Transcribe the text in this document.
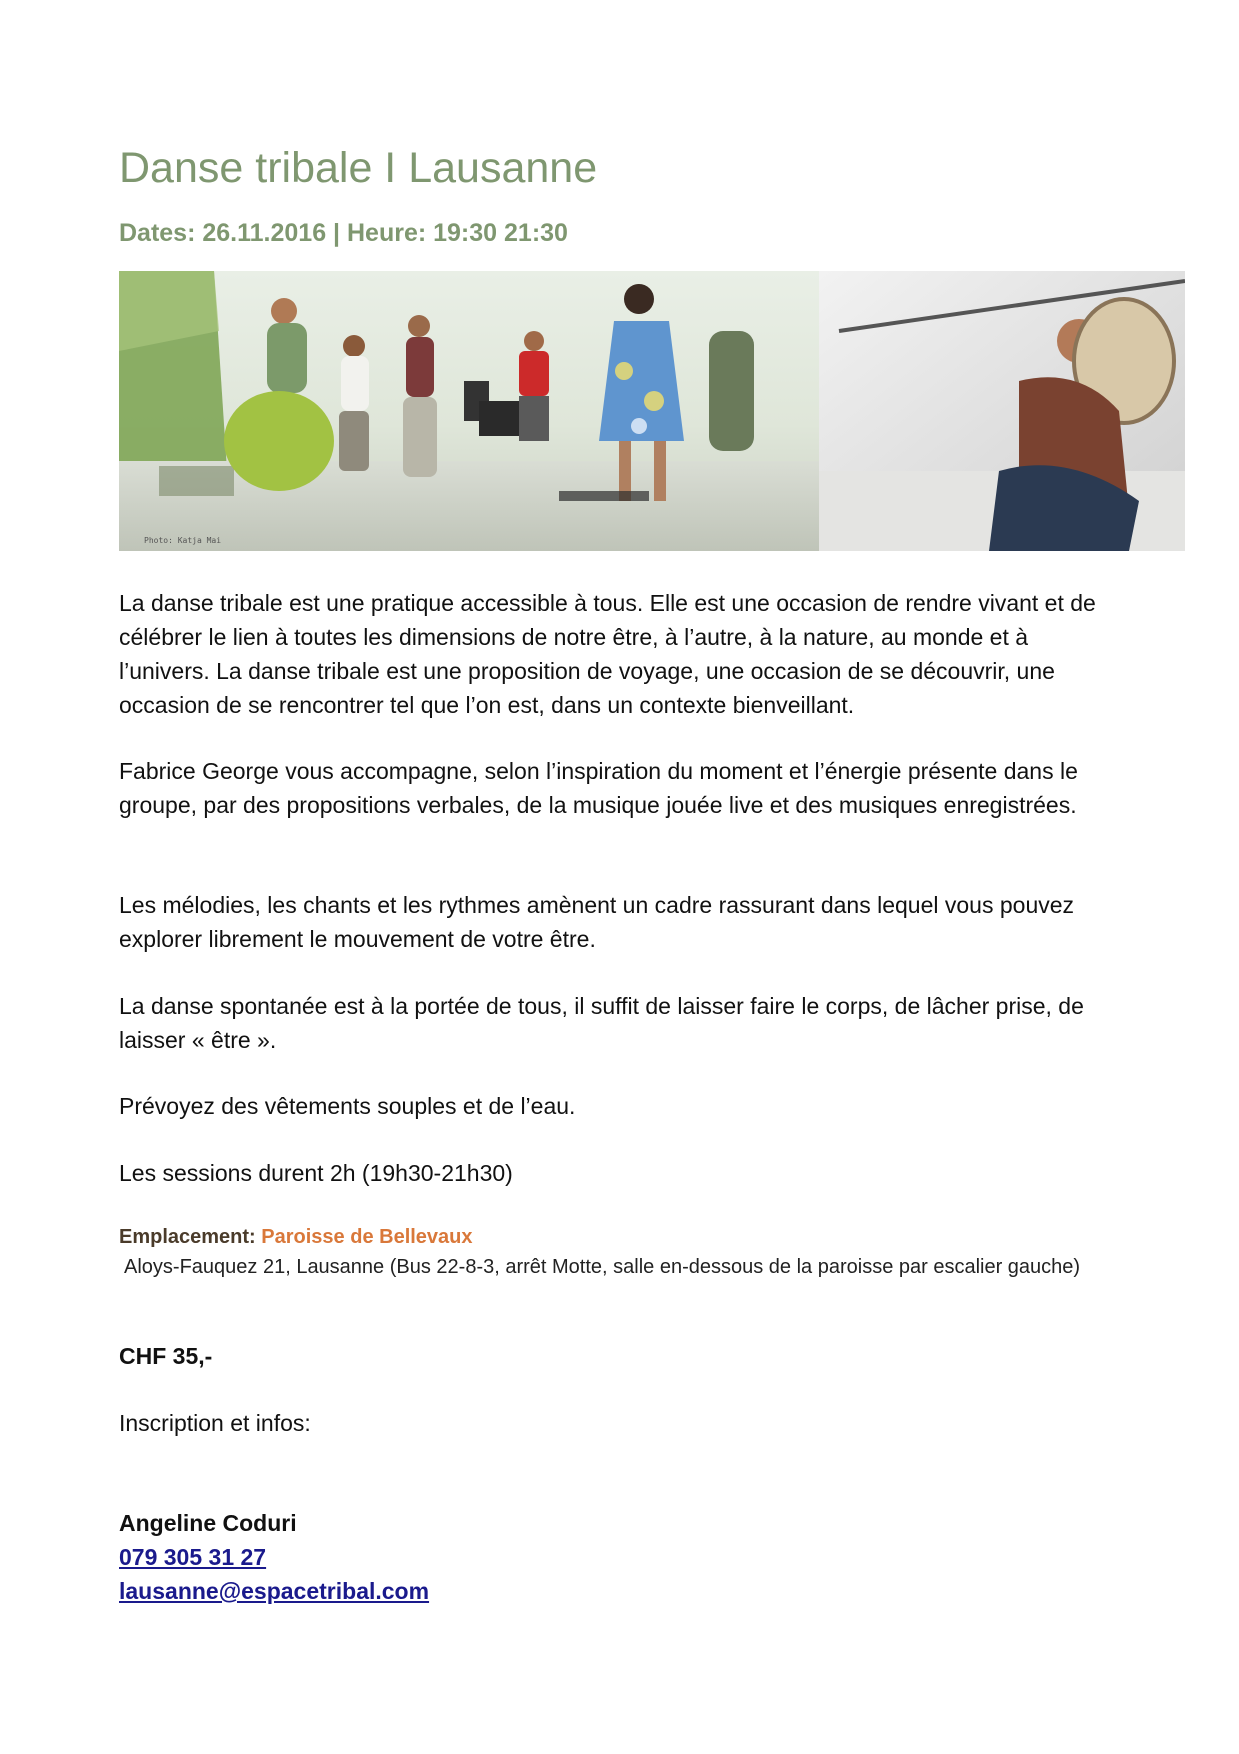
Danse tribale I Lausanne
Dates: 26.11.2016 | Heure: 19:30 21:30
Photo: Katja Mai
La danse tribale est une pratique accessible à tous. Elle est une occasion de rendre vivant et de célébrer le lien à toutes les dimensions de notre être, à l’autre, à la nature, au monde et à l’univers. La danse tribale est une proposition de voyage, une occasion de se découvrir, une occasion de se rencontrer tel que l’on est, dans un contexte bienveillant.
Fabrice George vous accompagne, selon l’inspiration du moment et l’énergie présente dans le groupe, par des propositions verbales, de la musique jouée live et des musiques enregistrées.
Les mélodies, les chants et les rythmes amènent un cadre rassurant dans lequel vous pouvez explorer librement le mouvement de votre être.
La danse spontanée est à la portée de tous, il suffit de laisser faire le corps, de lâcher prise, de laisser « être ».
Prévoyez des vêtements souples et de l’eau.
Les sessions durent 2h (19h30-21h30)
Emplacement: Paroisse de Bellevaux
Aloys-Fauquez 21, Lausanne (Bus 22-8-3, arrêt Motte, salle en-dessous de la paroisse par escalier gauche)
CHF 35,-
Inscription et infos:
Angeline Coduri
079 305 31 27
lausanne@espacetribal.com
